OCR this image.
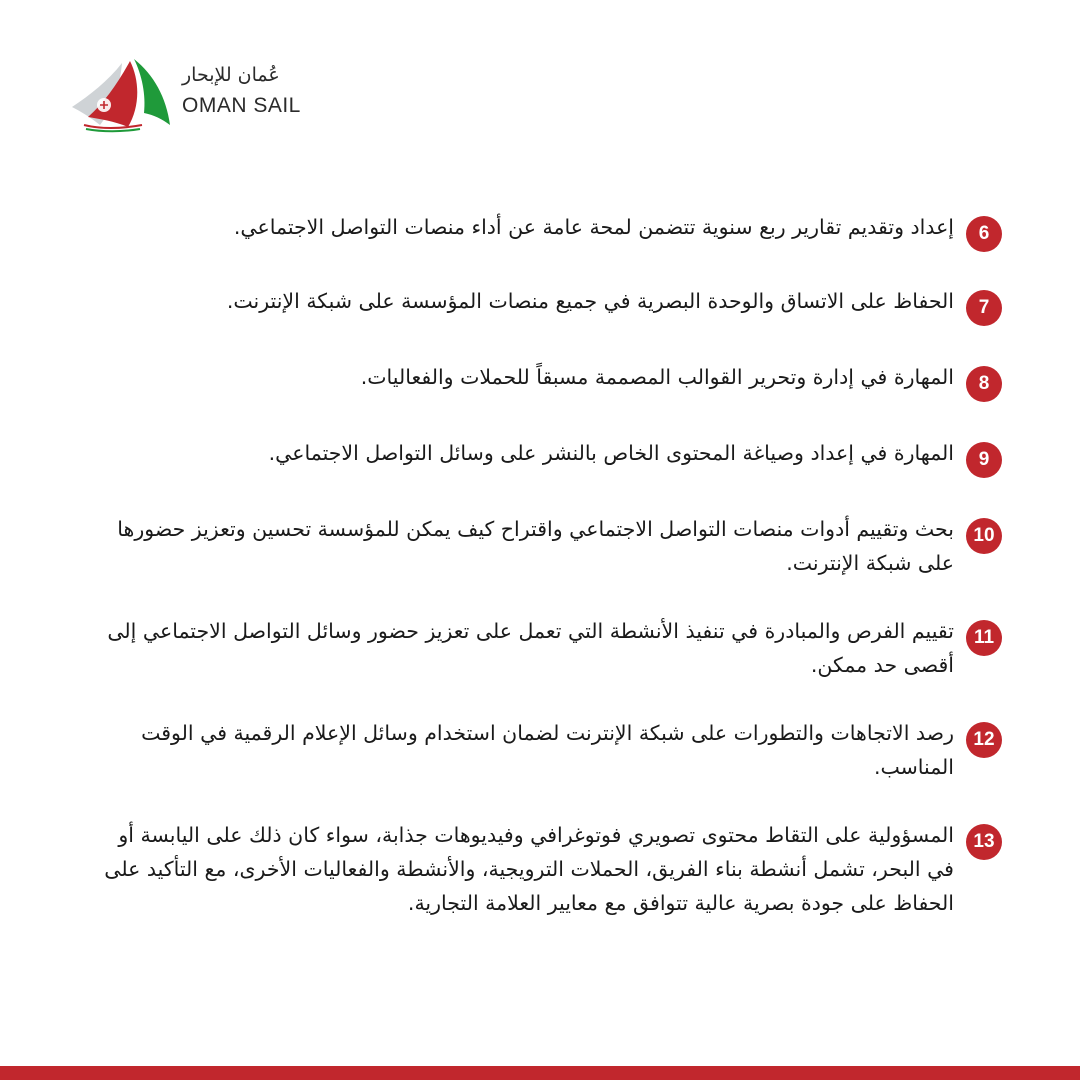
عُمان للإبحار
OMAN SAIL
6
إعداد وتقديم تقارير ربع سنوية تتضمن لمحة عامة عن أداء منصات التواصل الاجتماعي.
7
الحفاظ على الاتساق والوحدة البصرية في جميع منصات المؤسسة على شبكة الإنترنت.
8
المهارة في إدارة وتحرير القوالب المصممة مسبقاً للحملات والفعاليات.
9
المهارة في إعداد وصياغة المحتوى الخاص بالنشر على وسائل التواصل الاجتماعي.
10
بحث وتقييم أدوات منصات التواصل الاجتماعي واقتراح كيف يمكن للمؤسسة تحسين وتعزيز حضورها على شبكة الإنترنت.
11
تقييم الفرص والمبادرة في تنفيذ الأنشطة التي تعمل على تعزيز حضور وسائل التواصل الاجتماعي إلى أقصى حد ممكن.
12
رصد الاتجاهات والتطورات على شبكة الإنترنت لضمان استخدام وسائل الإعلام الرقمية في الوقت المناسب.
13
المسؤولية على التقاط محتوى تصويري فوتوغرافي وفيديوهات جذابة، سواء كان ذلك على اليابسة أو في البحر، تشمل أنشطة بناء الفريق، الحملات الترويجية، والأنشطة والفعاليات الأخرى، مع التأكيد على الحفاظ على جودة بصرية عالية تتوافق مع معايير العلامة التجارية.
